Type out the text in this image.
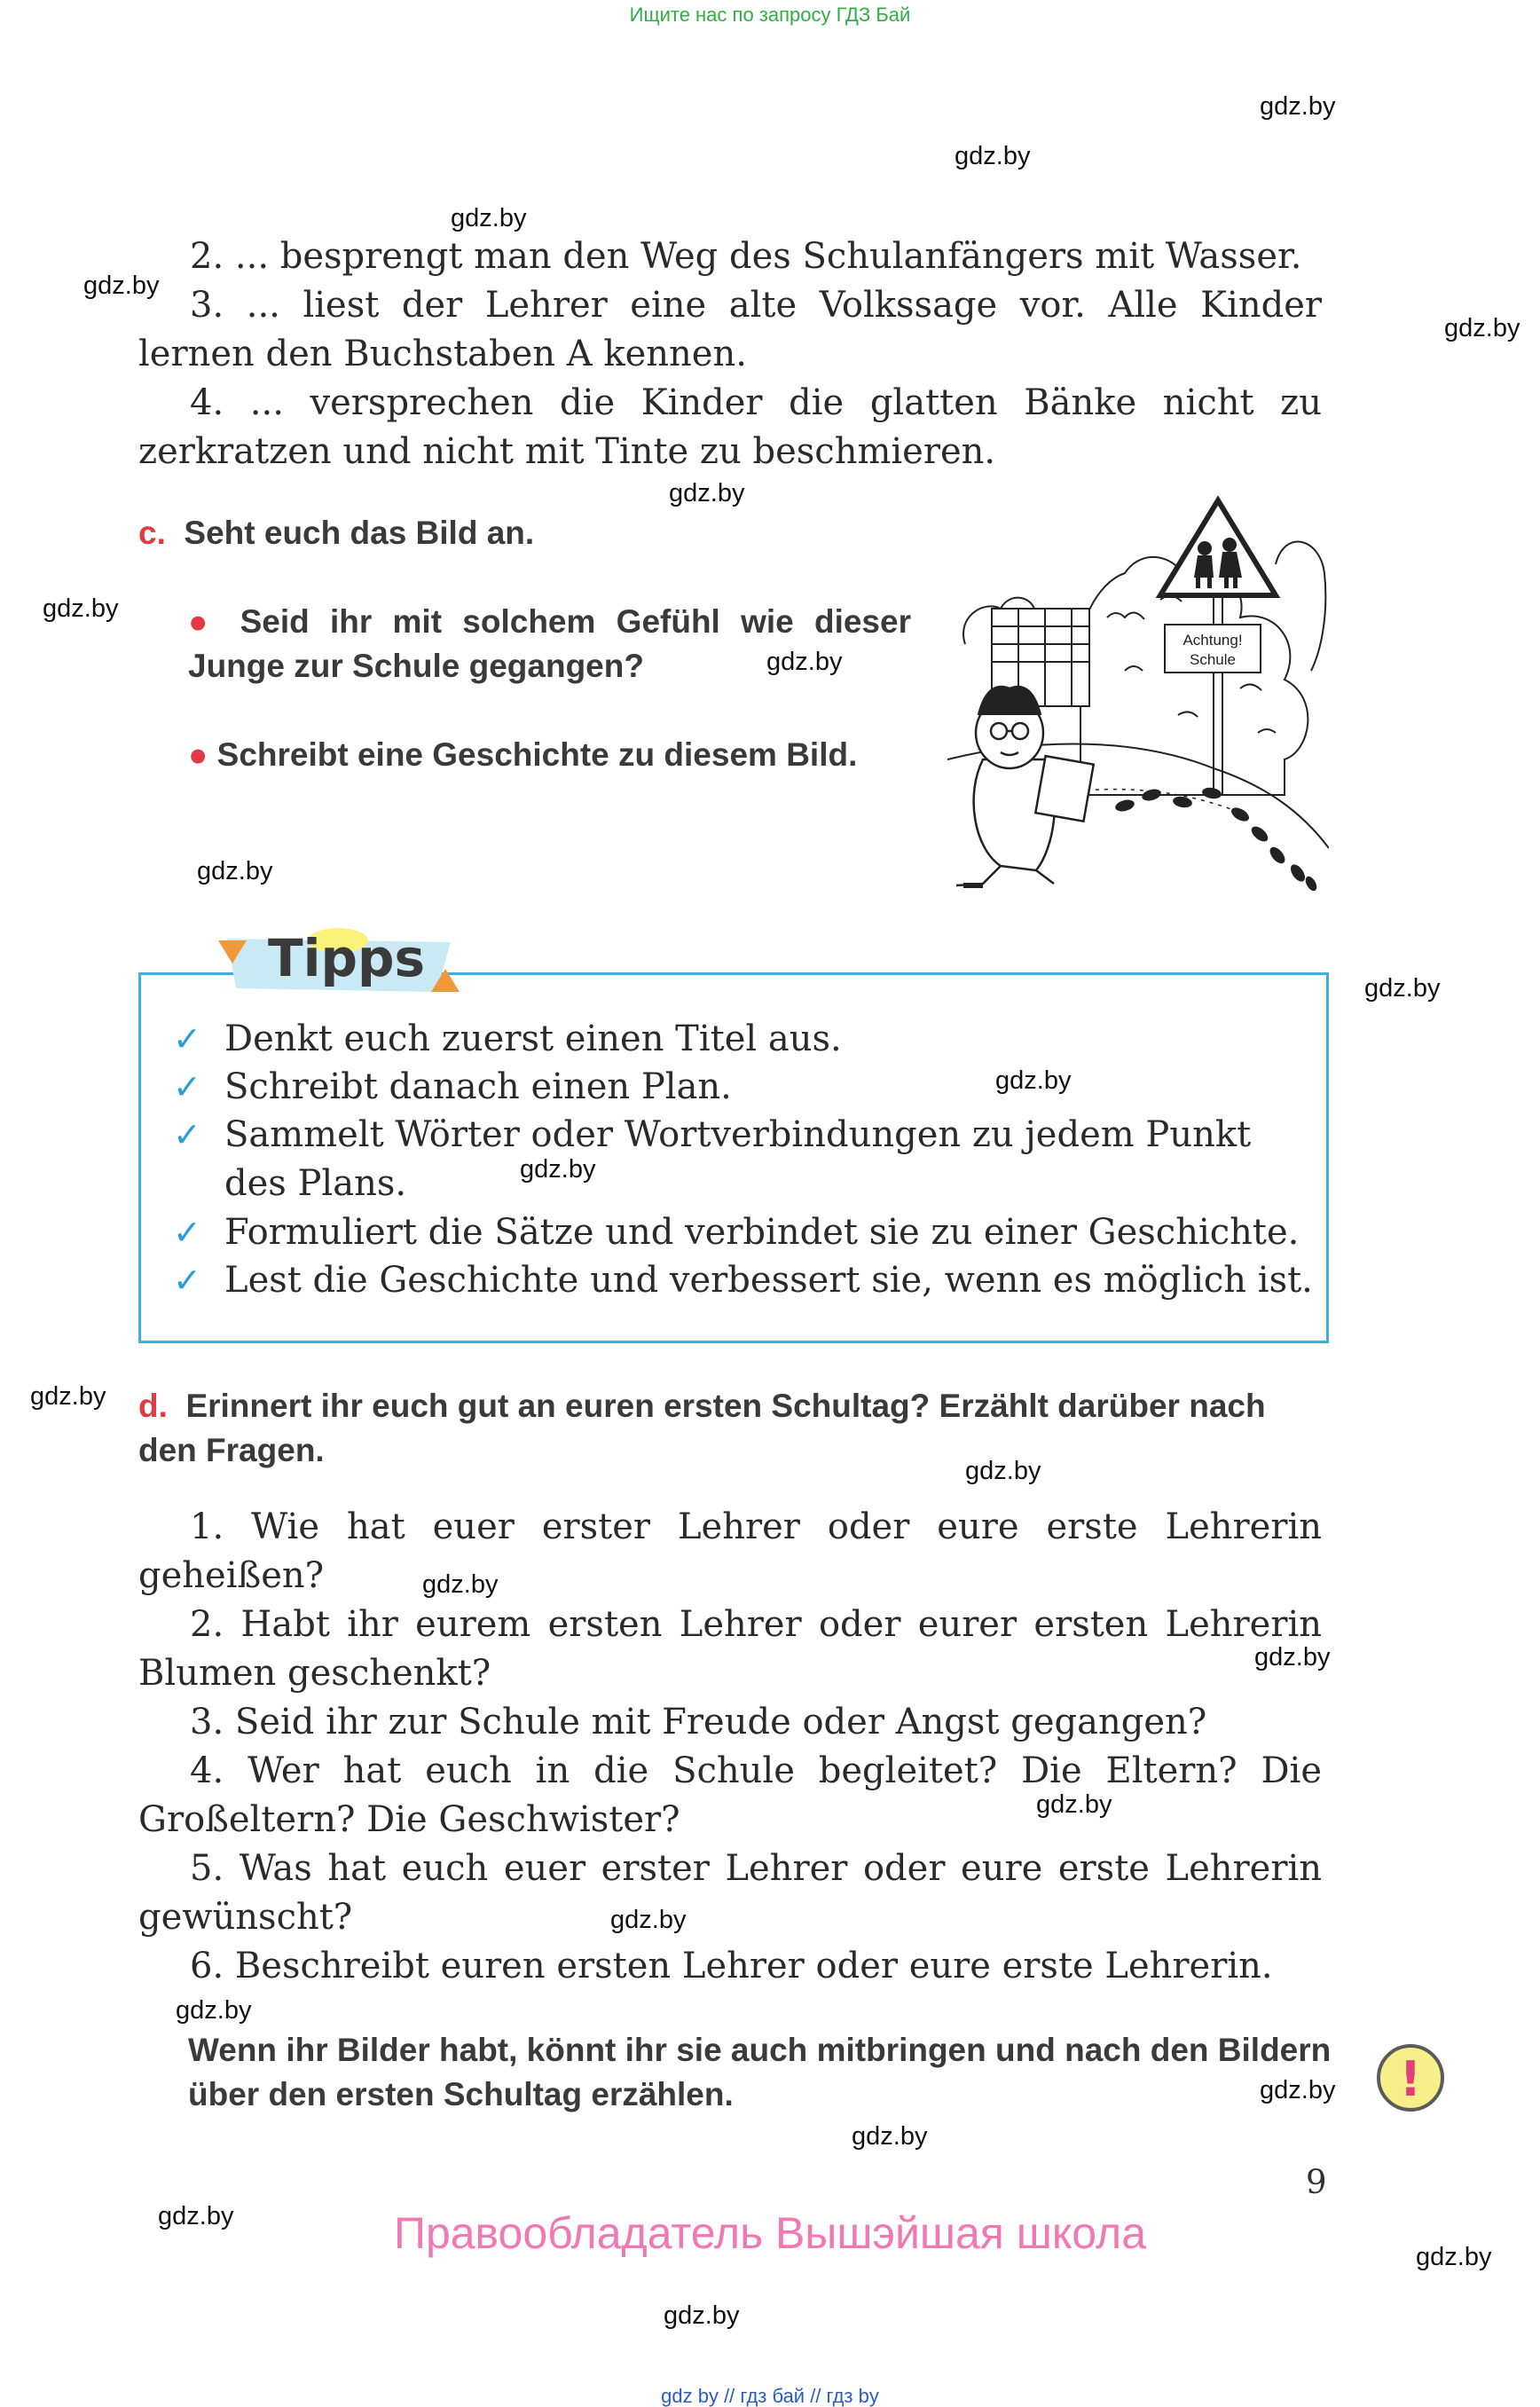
Ищите нас по запросу ГДЗ Бай
gdz.by
gdz.by
gdz.by
gdz.by
gdz.by
gdz.by
gdz.by
gdz.by
gdz.by
gdz.by
gdz.by
gdz.by
gdz.by
gdz.by
gdz.by
gdz.by
gdz.by
gdz.by
gdz.by
gdz.by
gdz.by
gdz.by
gdz.by
gdz.by

2. ... besprengt man den Weg des Schulanfängers mit Wasser.

3. ... liest der Lehrer eine alte Volkssage vor. Alle Kinder lernen den Buchstaben A kennen.

4. ... versprechen die Kinder die glatten Bänke nicht zu zerkratzen und nicht mit Tinte zu beschmieren.

c. Seht euch das Bild an.
● Seid ihr mit solchem Gefühl wie dieser Junge zur Schule gegangen?
● Schreibt eine Geschichte zu diesem Bild.
Achtung!
Schule
Tipps
✓ Denkt euch zuerst einen Titel aus.
✓ Schreibt danach einen Plan.
✓ Sammelt Wörter oder Wortverbindungen zu jedem Punkt des Plans.
✓ Formuliert die Sätze und verbindet sie zu einer Geschichte.
✓ Lest die Geschichte und verbessert sie, wenn es möglich ist.
d. Erinnert ihr euch gut an euren ersten Schultag? Erzählt darüber nach den Fragen.

1. Wie hat euer erster Lehrer oder eure erste Lehrerin geheißen?

2. Habt ihr eurem ersten Lehrer oder eurer ersten Lehrerin Blumen geschenkt?

3. Seid ihr zur Schule mit Freude oder Angst gegangen?

4. Wer hat euch in die Schule begleitet? Die Eltern? Die Großeltern? Die Geschwister?

5. Was hat euch euer erster Lehrer oder eure erste Lehrerin gewünscht?

6. Beschreibt euren ersten Lehrer oder eure erste Lehrerin.

Wenn ihr Bilder habt, könnt ihr sie auch mitbringen und nach den Bildern über den ersten Schultag erzählen.	!
9
Правообладатель Вышэйшая школа
gdz by // гдз бай // гдз by
